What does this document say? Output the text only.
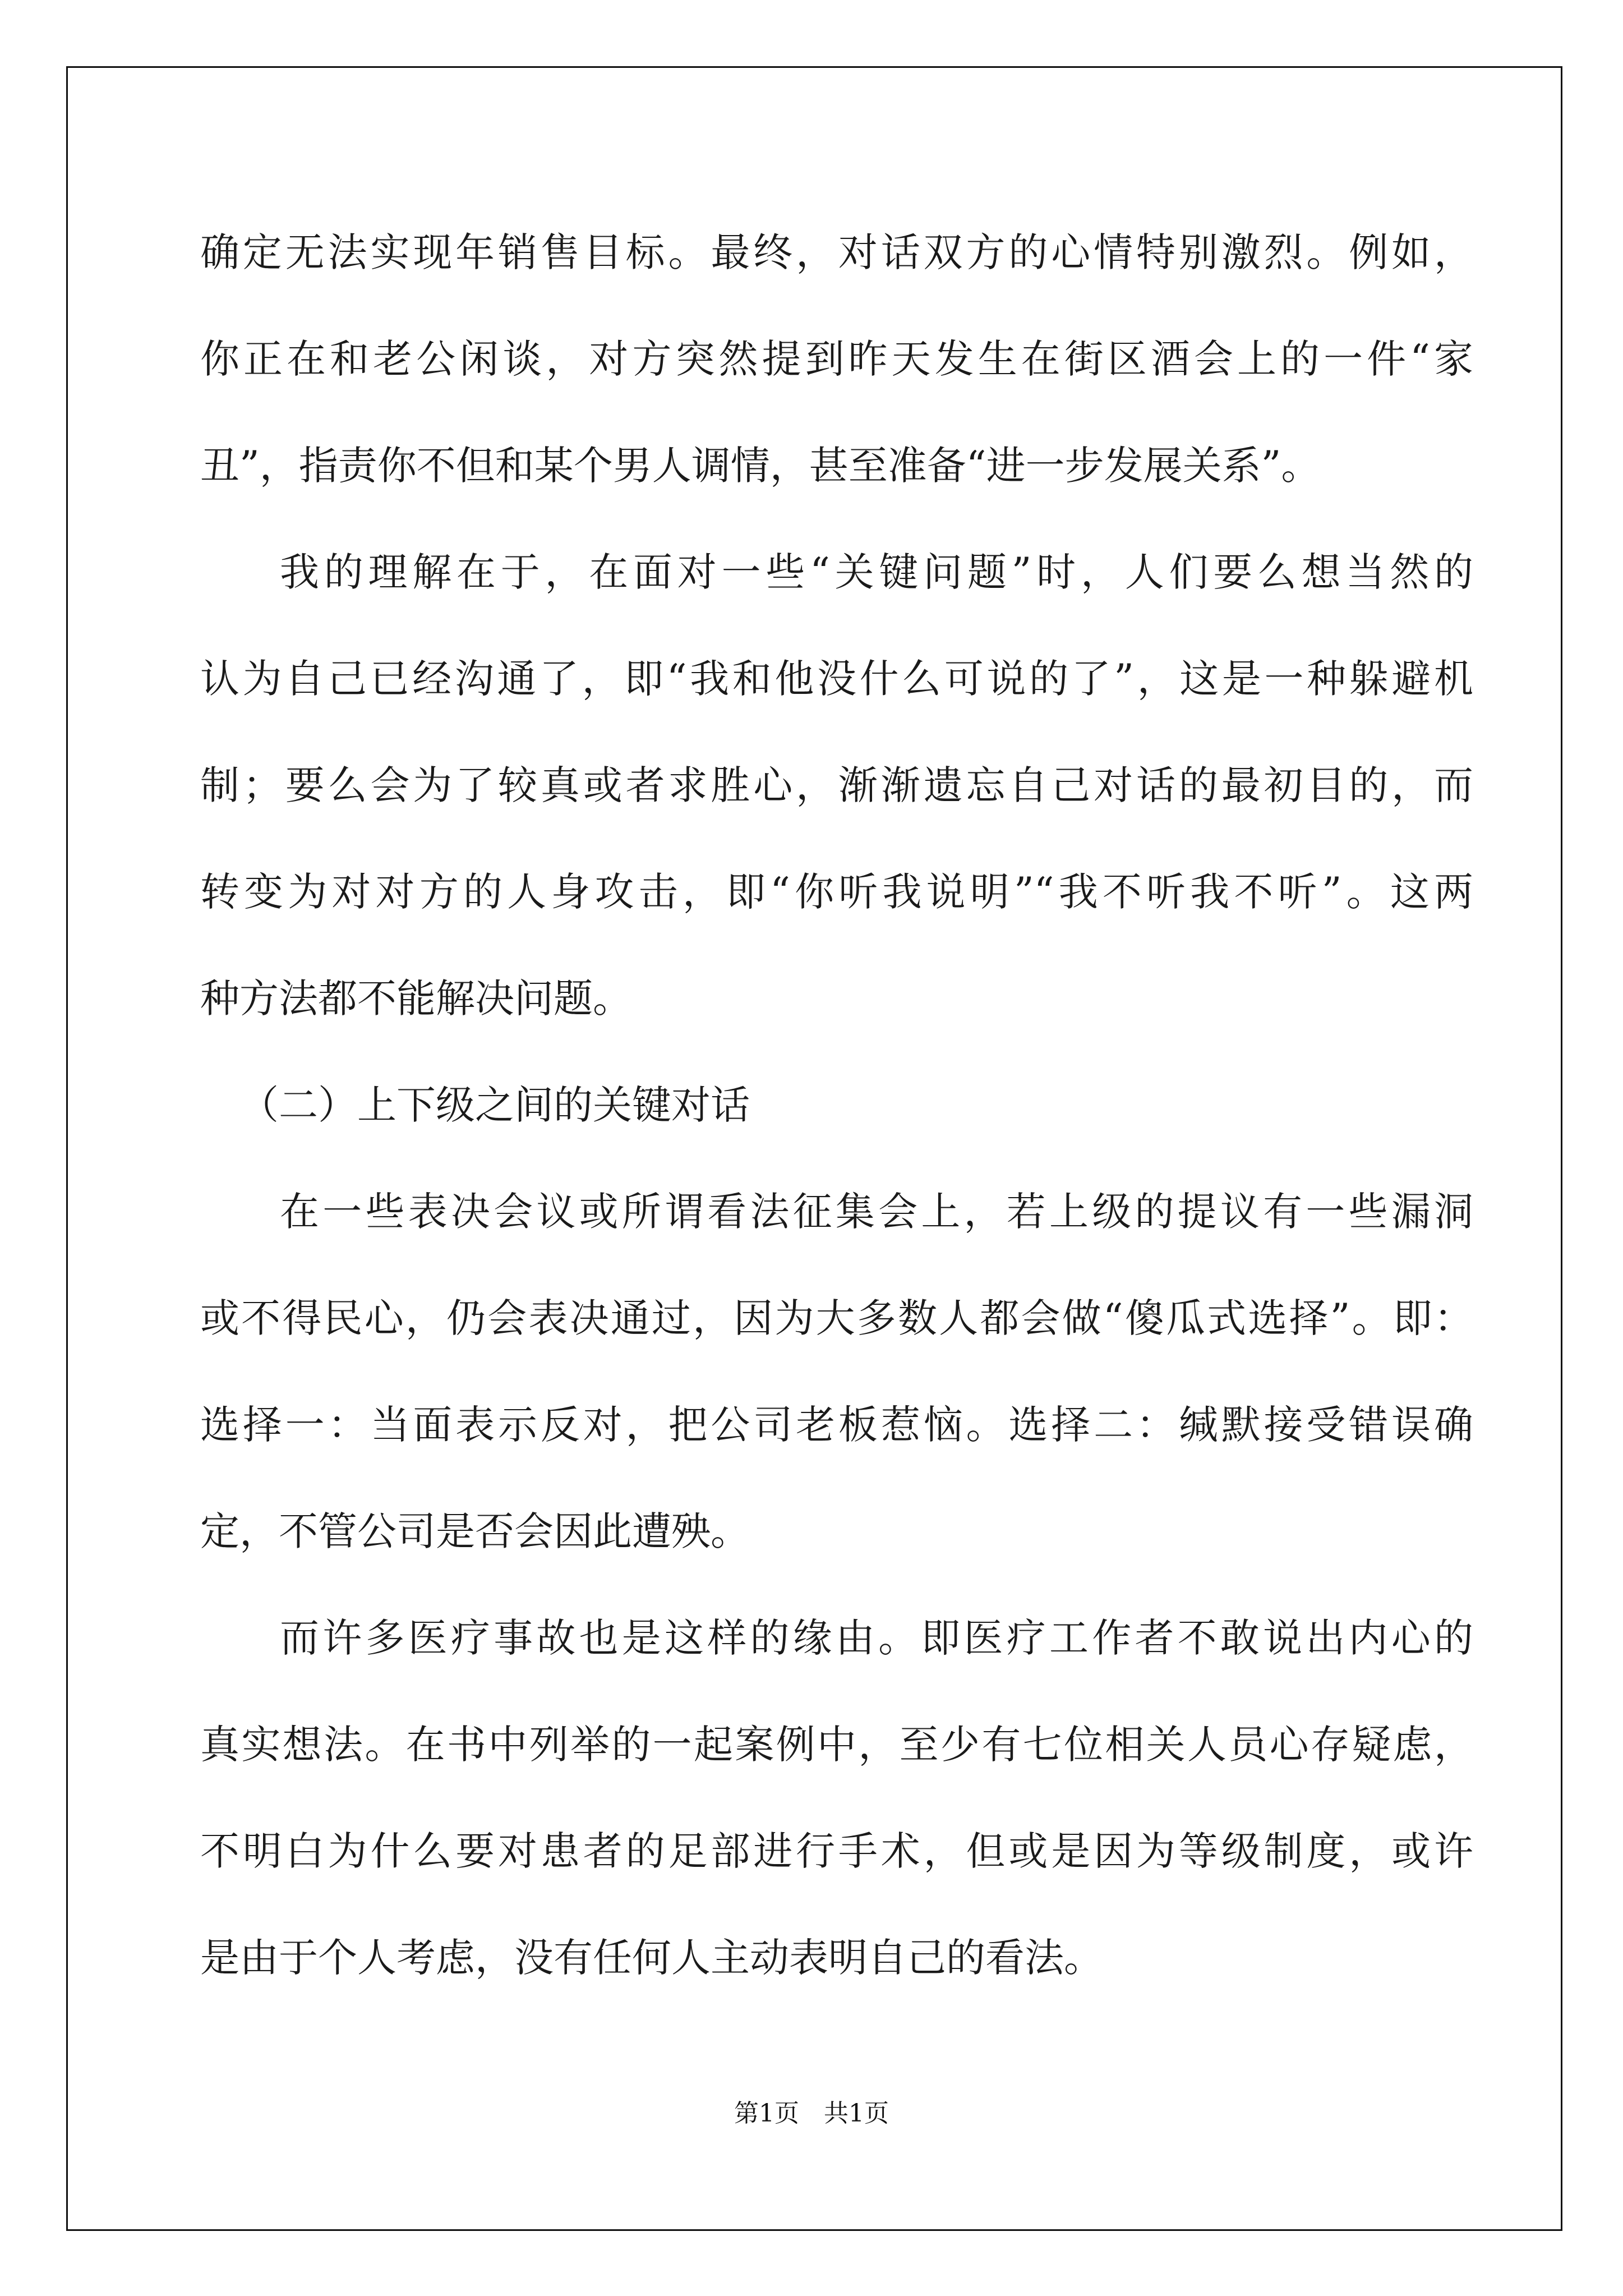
确定无法实现年销售目标。最终，对话双方的心情特别激烈。例如，
你正在和老公闲谈，对方突然提到昨天发生在街区酒会上的一件“家
丑”，指责你不但和某个男人调情，甚至准备“进一步发展关系”。
我的理解在于，在面对一些“关键问题”时，人们要么想当然的
认为自己已经沟通了，即“我和他没什么可说的了”，这是一种躲避机
制；要么会为了较真或者求胜心，渐渐遗忘自己对话的最初目的，而
转变为对对方的人身攻击，即“你听我说明”“我不听我不听”。这两
种方法都不能解决问题。
（二）上下级之间的关键对话
在一些表决会议或所谓看法征集会上，若上级的提议有一些漏洞
或不得民心，仍会表决通过，因为大多数人都会做“傻瓜式选择”。即：
选择一：当面表示反对，把公司老板惹恼。选择二：缄默接受错误确
定，不管公司是否会因此遭殃。
而许多医疗事故也是这样的缘由。即医疗工作者不敢说出内心的
真实想法。在书中列举的一起案例中，至少有七位相关人员心存疑虑，
不明白为什么要对患者的足部进行手术，但或是因为等级制度，或许
是由于个人考虑，没有任何人主动表明自己的看法。
第1页　共1页
